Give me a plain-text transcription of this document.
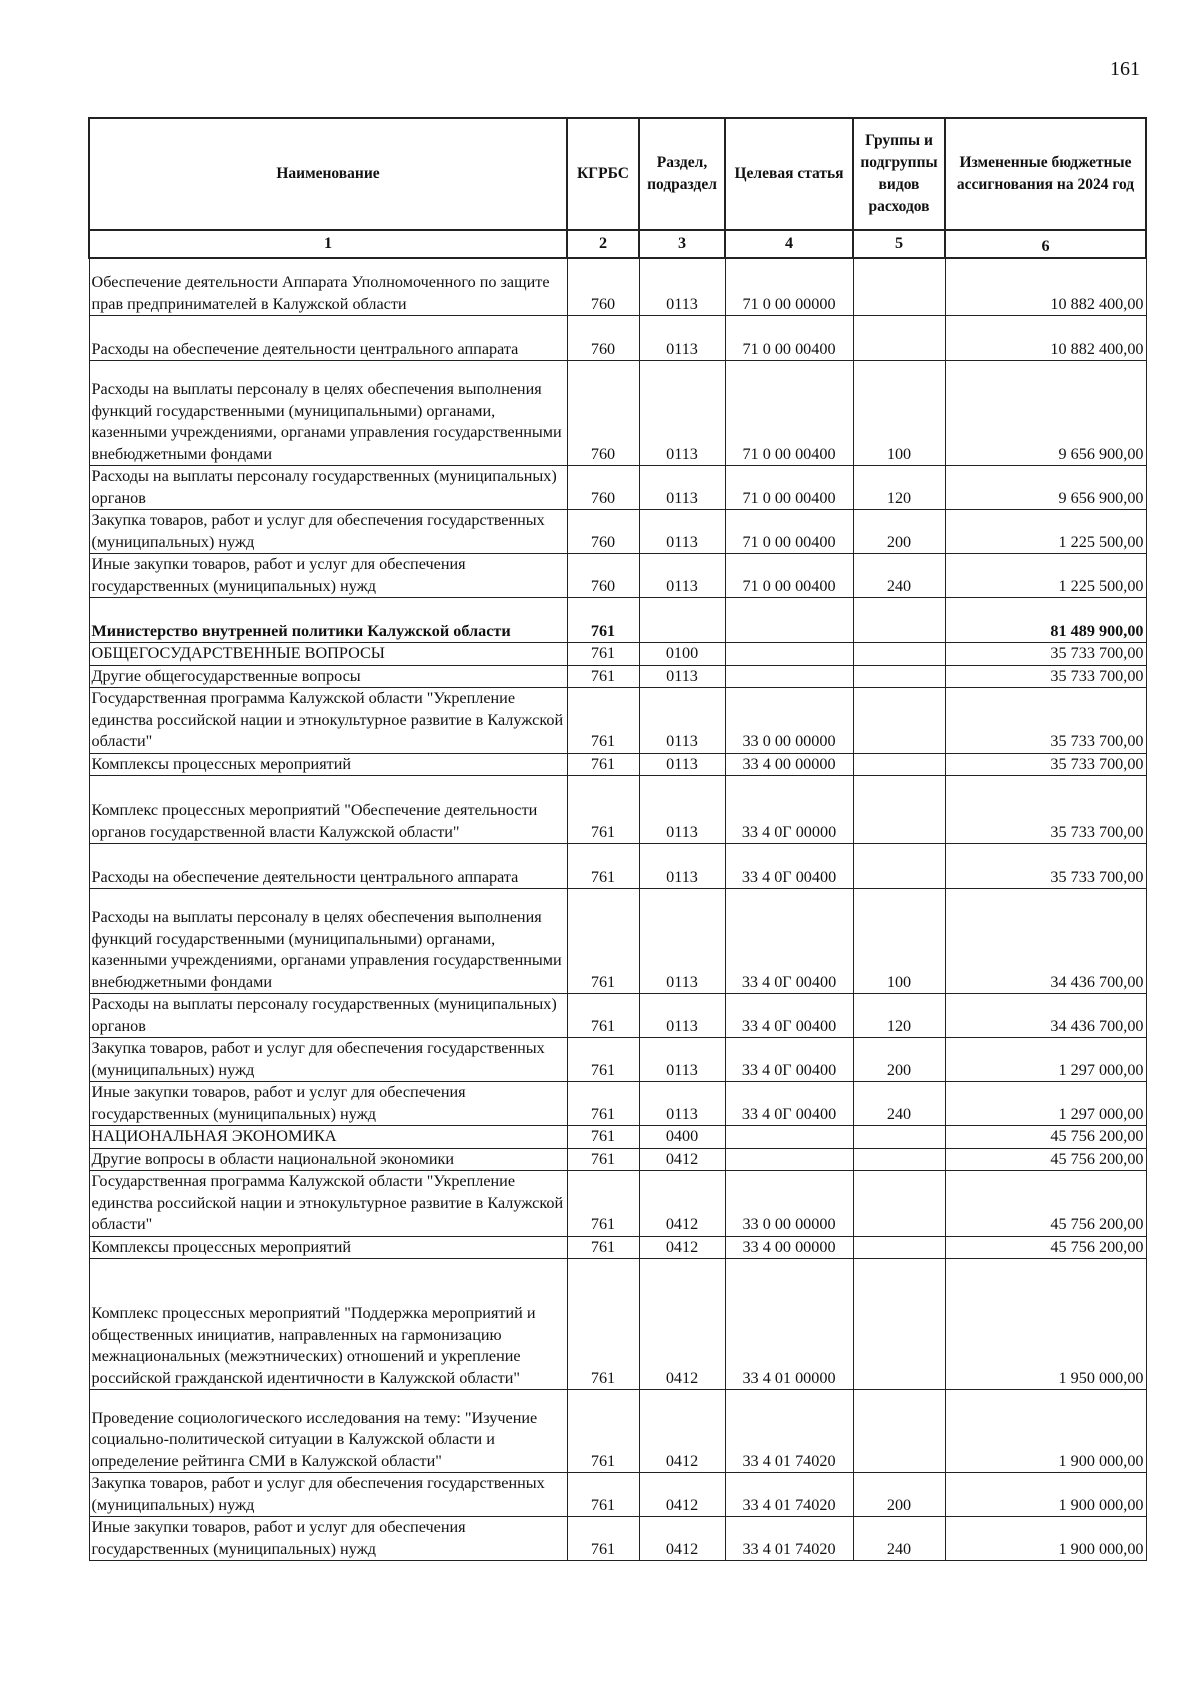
161
Наименование	КГРБС	Раздел, подраздел	Целевая статья	Группы и подгруппы видов расходов	Измененные бюджетные ассигнования на 2024 год
1	2	3	4	5	6
Обеспечение деятельности Аппарата Уполномоченного по защите прав предпринимателей в Калужской области	760	0113	71 0 00 00000		10 882 400,00
Расходы на обеспечение деятельности центрального аппарата	760	0113	71 0 00 00400		10 882 400,00
Расходы на выплаты персоналу в целях обеспечения выполнения функций государственными (муниципальными) органами, казенными учреждениями, органами управления государственными внебюджетными фондами	760	0113	71 0 00 00400	100	9 656 900,00
Расходы на выплаты персоналу государственных (муниципальных) органов	760	0113	71 0 00 00400	120	9 656 900,00
Закупка товаров, работ и услуг для обеспечения государственных (муниципальных) нужд	760	0113	71 0 00 00400	200	1 225 500,00
Иные закупки товаров, работ и услуг для обеспечения государственных (муниципальных) нужд	760	0113	71 0 00 00400	240	1 225 500,00
Министерство внутренней политики Калужской области	761				81 489 900,00
ОБЩЕГОСУДАРСТВЕННЫЕ ВОПРОСЫ	761	0100			35 733 700,00
Другие общегосударственные вопросы	761	0113			35 733 700,00
Государственная программа Калужской области "Укрепление единства российской нации и этнокультурное развитие в Калужской области"	761	0113	33 0 00 00000		35 733 700,00
Комплексы процессных мероприятий	761	0113	33 4 00 00000		35 733 700,00
Комплекс процессных мероприятий "Обеспечение деятельности органов государственной власти Калужской области"	761	0113	33 4 0Г 00000		35 733 700,00
Расходы на обеспечение деятельности центрального аппарата	761	0113	33 4 0Г 00400		35 733 700,00
Расходы на выплаты персоналу в целях обеспечения выполнения функций государственными (муниципальными) органами, казенными учреждениями, органами управления государственными внебюджетными фондами	761	0113	33 4 0Г 00400	100	34 436 700,00
Расходы на выплаты персоналу государственных (муниципальных) органов	761	0113	33 4 0Г 00400	120	34 436 700,00
Закупка товаров, работ и услуг для обеспечения государственных (муниципальных) нужд	761	0113	33 4 0Г 00400	200	1 297 000,00
Иные закупки товаров, работ и услуг для обеспечения государственных (муниципальных) нужд	761	0113	33 4 0Г 00400	240	1 297 000,00
НАЦИОНАЛЬНАЯ ЭКОНОМИКА	761	0400			45 756 200,00
Другие вопросы в области национальной экономики	761	0412			45 756 200,00
Государственная программа Калужской области "Укрепление единства российской нации и этнокультурное развитие в Калужской области"	761	0412	33 0 00 00000		45 756 200,00
Комплексы процессных мероприятий	761	0412	33 4 00 00000		45 756 200,00
Комплекс процессных мероприятий "Поддержка мероприятий и общественных инициатив, направленных на гармонизацию межнациональных (межэтнических) отношений и укрепление российской гражданской идентичности в Калужской области"	761	0412	33 4 01 00000		1 950 000,00
Проведение социологического исследования на тему: "Изучение социально-политической ситуации в Калужской области и определение рейтинга СМИ в Калужской области"	761	0412	33 4 01 74020		1 900 000,00
Закупка товаров, работ и услуг для обеспечения государственных (муниципальных) нужд	761	0412	33 4 01 74020	200	1 900 000,00
Иные закупки товаров, работ и услуг для обеспечения государственных (муниципальных) нужд	761	0412	33 4 01 74020	240	1 900 000,00
